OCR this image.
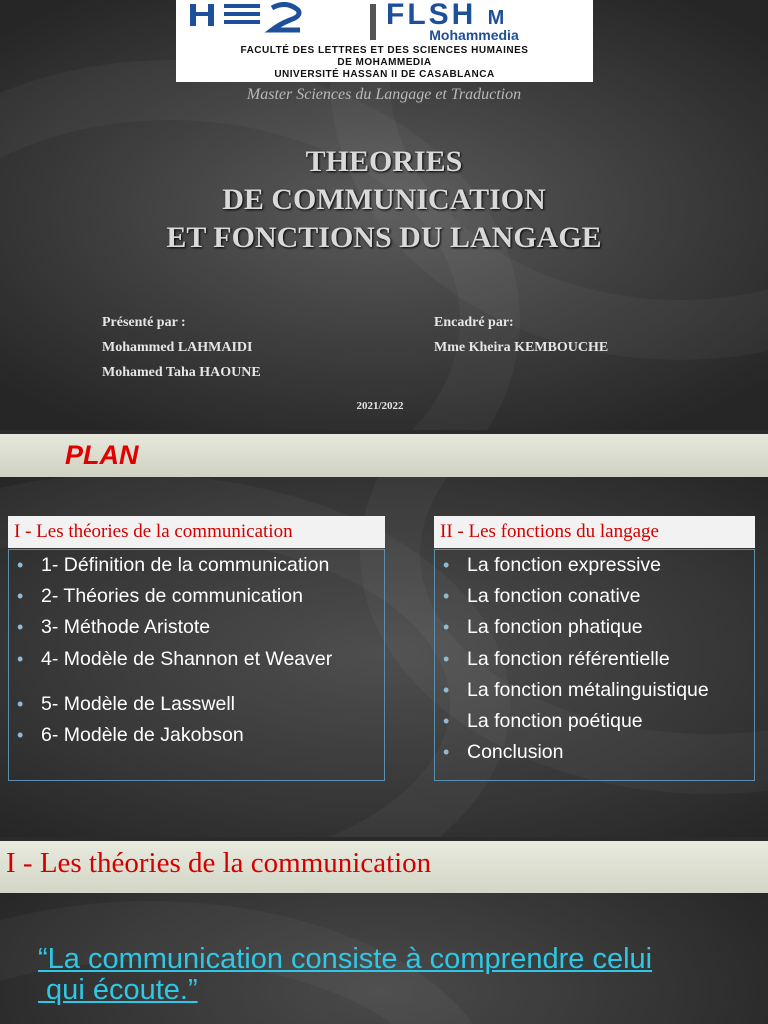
FLSH M
Mohammedia
FACULTÉ DES LETTRES ET DES SCIENCES HUMAINES
DE MOHAMMEDIA
UNIVERSITÉ HASSAN II DE CASABLANCA
Master Sciences du Langage et Traduction
THEORIES
DE COMMUNICATION
ET FONCTIONS DU LANGAGE
Présenté par :
Mohammed LAHMAIDI
Mohamed Taha HAOUNE
Encadré par:
Mme Kheira KEMBOUCHE
2021/2022
PLAN
I - Les théories de la communication
• 1- Définition de la communication
• 2- Théories de communication
• 3- Méthode Aristote
• 4- Modèle de Shannon et Weaver
• 5- Modèle de Lasswell
• 6- Modèle de Jakobson
II - Les fonctions du langage
• La fonction expressive
• La fonction conative
• La fonction phatique
• La fonction référentielle
• La fonction métalinguistique
• La fonction poétique
• Conclusion
I - Les théories de la communication
“La communication consiste à comprendre celui
qui écoute.”
